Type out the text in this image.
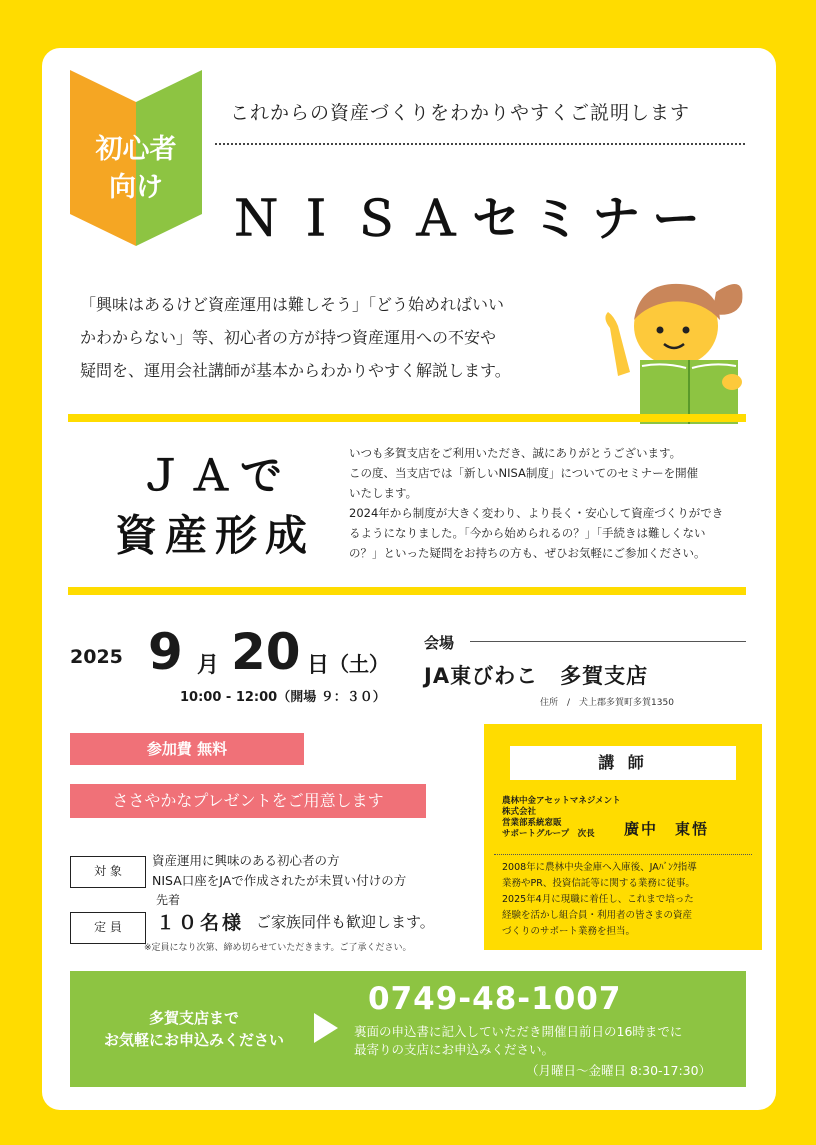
初心者
向け
これからの資産づくりをわかりやすくご説明します
ＮＩＳＡセミナー
「興味はあるけど資産運用は難しそう」「どう始めればいい
かわからない」等、初心者の方が持つ資産運用への不安や
疑問を、運用会社講師が基本からわかりやすく解説します。
ＪＡで
資産形成
いつも多賀支店をご利用いただき、誠にありがとうございます。
この度、当支店では「新しいNISA制度」についてのセミナーを開催
いたします。
2024年から制度が大きく変わり、より長く・安心して資産づくりができ
るようになりました。「今から始められるの？」「手続きは難しくない
の？」といった疑問をお持ちの方も、ぜひお気軽にご参加ください。
2025 9 月 20 日 （土）
10:00 - 12:00（開場 ９：３０）
会場
JA東びわこ　多賀支店
住所　/　犬上郡多賀町多賀1350
参加費 無料
ささやかなプレゼントをご用意します
対 象
資産運用に興味のある初心者の方
NISA口座をJAで作成されたが未買い付けの方
定 員
先着
１０名様 ご家族同伴も歓迎します。
※定員になり次第、締め切らせていただきます。ご了承ください。
講 師
農林中金アセットマネジメント
株式会社
営業部系統窓販
サポートグループ　次長	廣中　東悟
2008年に農林中央金庫へ入庫後、JAﾊﾞﾝｸ指導
業務やPR、投資信託等に関する業務に従事。
2025年4月に現職に着任し、これまで培った
経験を活かし組合員・利用者の皆さまの資産
づくりのサポート業務を担当。
多賀支店まで
お気軽にお申込みください
0749-48-1007
裏面の申込書に記入していただき開催日前日の16時までに
最寄りの支店にお申込みください。
（月曜日～金曜日 8:30-17:30）
